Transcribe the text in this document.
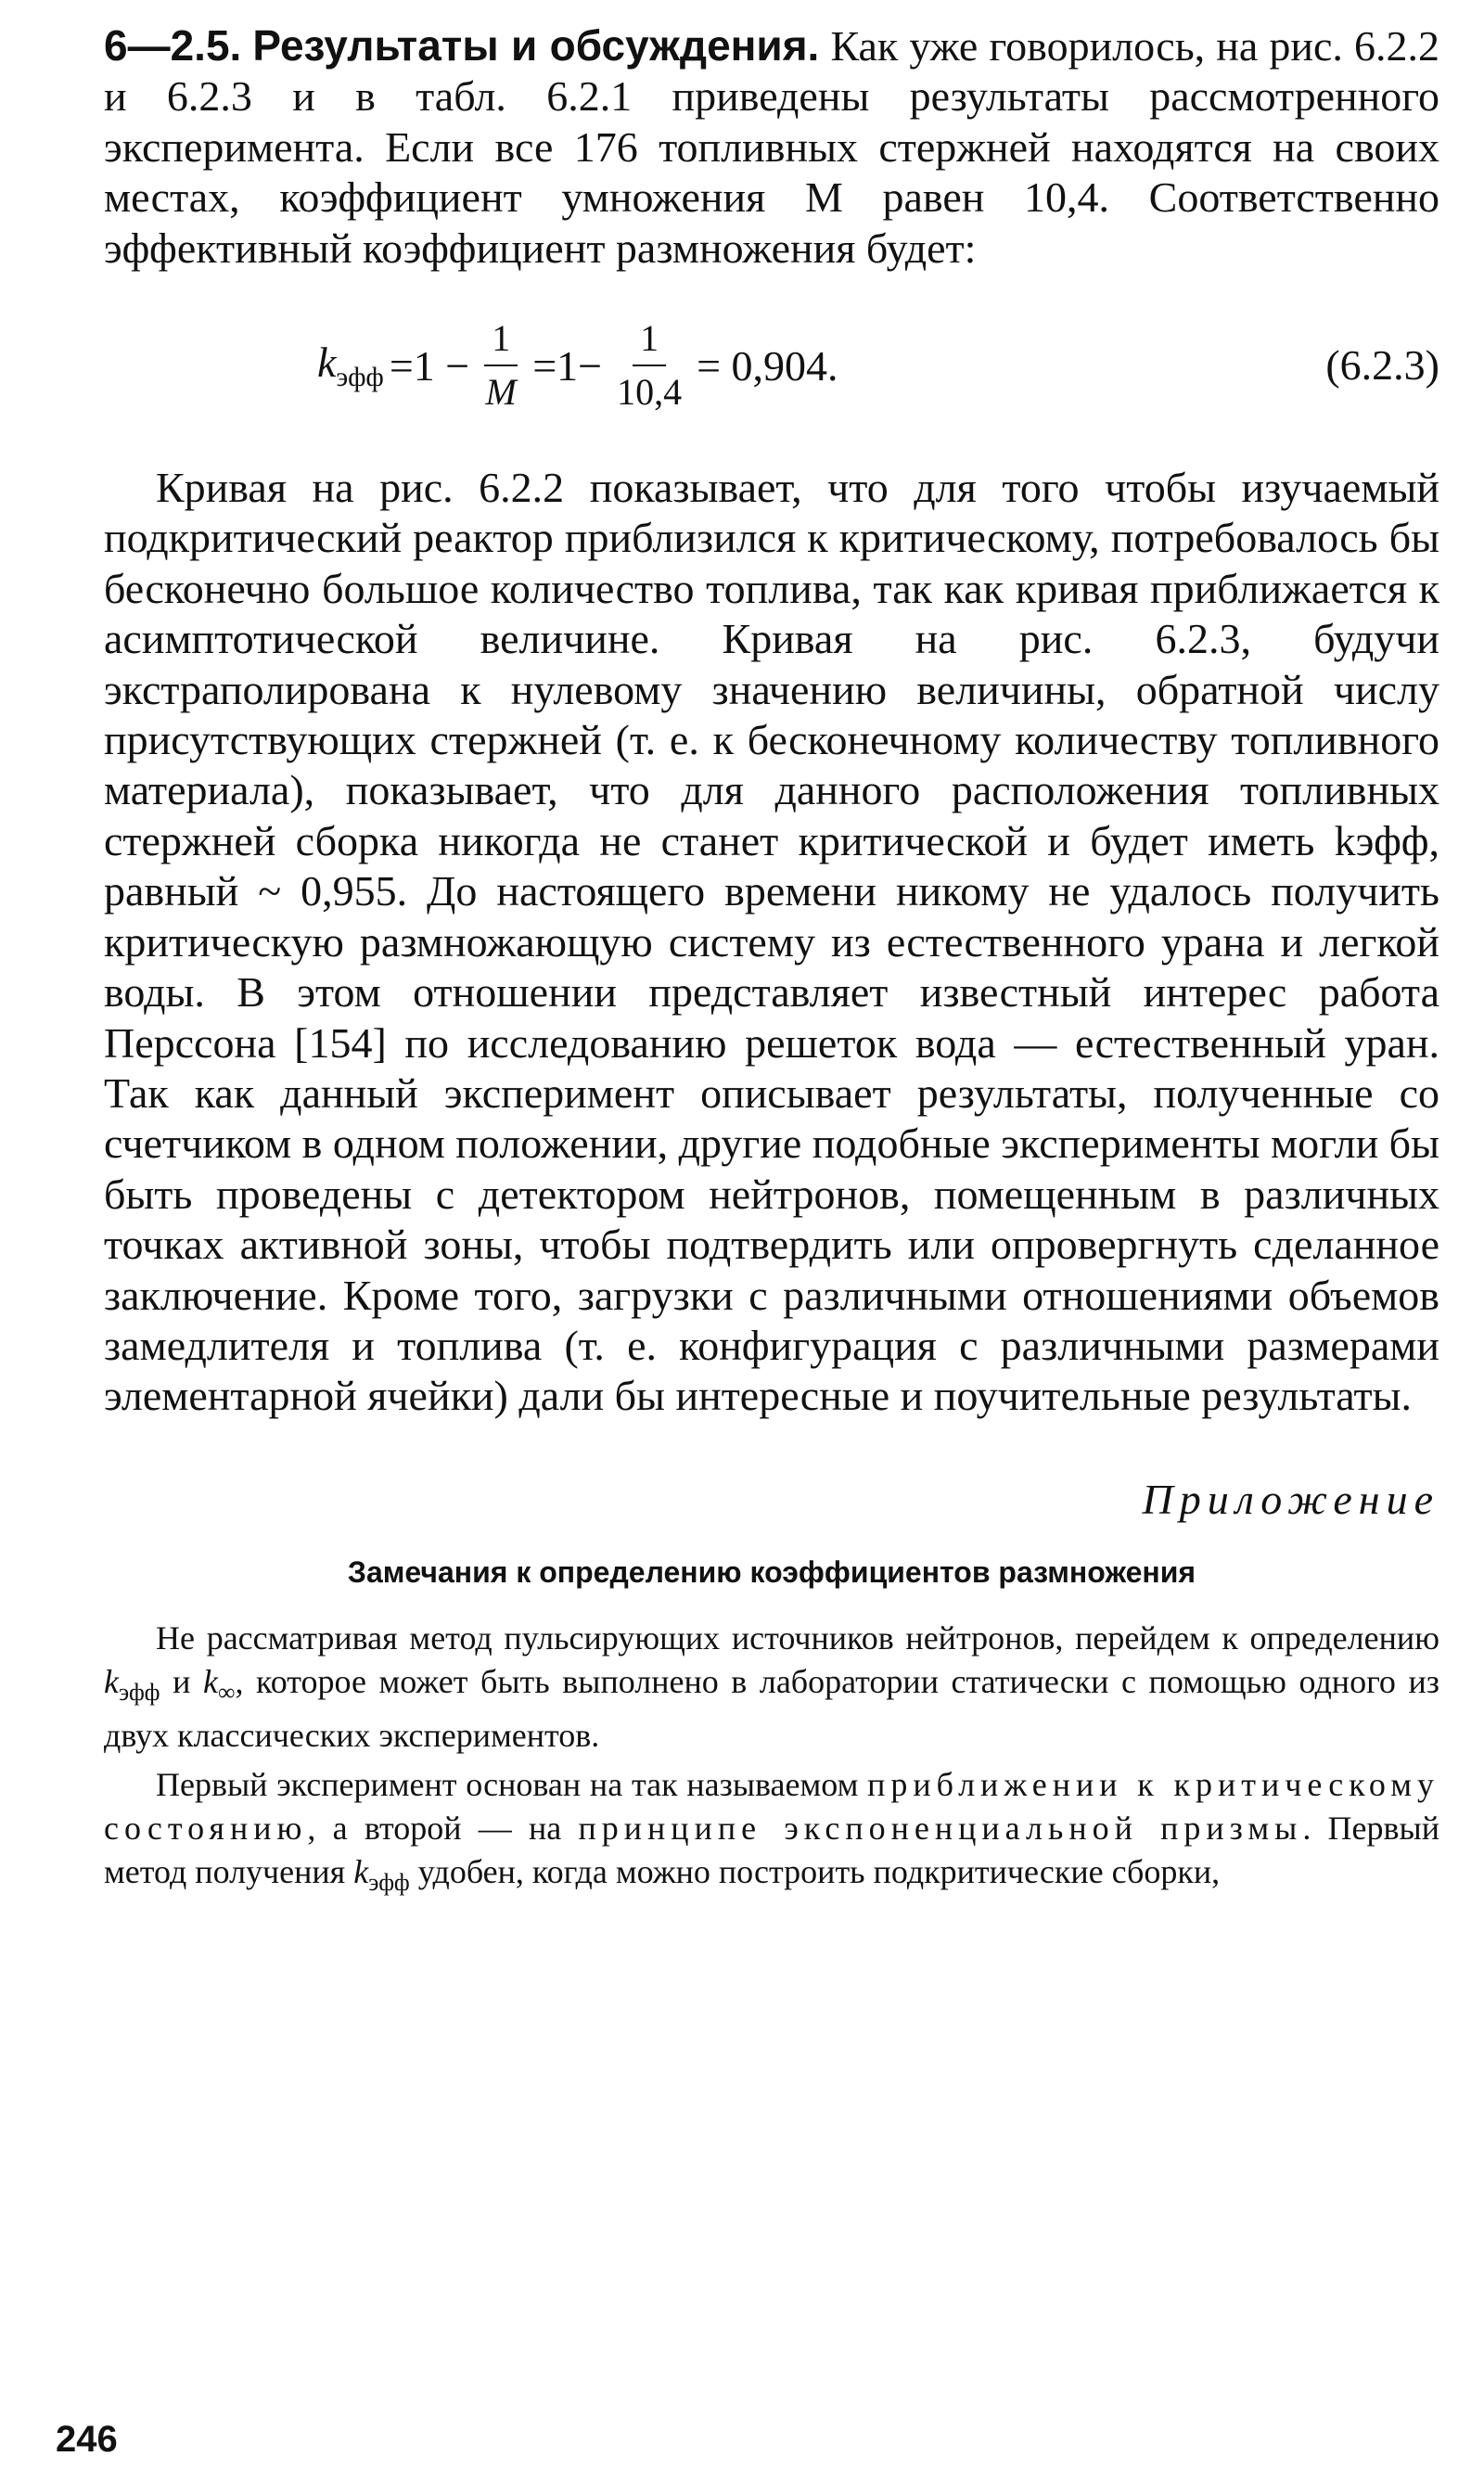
6—2.5. Результаты и обсуждения. Как уже говорилось, на рис. 6.2.2 и 6.2.3 и в табл. 6.2.1 приведены результаты рассмотренного эксперимента. Если все 176 топливных стержней находятся на своих местах, коэффициент умножения М равен 10,4. Соответственно эффективный коэффициент размножения будет:

$k_{эфф} =1 - \frac{1}{M} =1- \frac{1}{10,4} = 0,904$.	(6.2.3)

Кривая на рис. 6.2.2 показывает, что для того чтобы изучаемый подкритический реактор приблизился к критическому, потребовалось бы бесконечно большое количество топлива, так как кривая приближается к асимптотической величине. Кривая на рис. 6.2.3, будучи экстраполирована к нулевому значению величины, обратной числу присутствующих стержней (т. е. к бесконечному количеству топливного материала), показывает, что для данного расположения топливных стержней сборка никогда не станет критической и будет иметь kэфф, равный ~ 0,955. До настоящего времени никому не удалось получить критическую размножающую систему из естественного урана и легкой воды. В этом отношении представляет известный интерес работа Перссона [154] по исследованию решеток вода — естественный уран. Так как данный эксперимент описывает результаты, полученные со счетчиком в одном положении, другие подобные эксперименты могли бы быть проведены с детектором нейтронов, помещенным в различных точках активной зоны, чтобы подтвердить или опровергнуть сделанное заключение. Кроме того, загрузки с различными отношениями объемов замедлителя и топлива (т. е. конфигурация с различными размерами элементарной ячейки) дали бы интересные и поучительные результаты.

Приложение
Замечания к определению коэффициентов размножения

Не рассматривая метод пульсирующих источников нейтронов, перейдем к определению $k_{эфф}$ и $k_\infty$, которое может быть выполнено в лаборатории статически с помощью одного из двух классических экспериментов.

Первый эксперимент основан на так называемом приближении к критическому состоянию, а второй — на принципе экспоненциальной призмы. Первый метод получения $k_{эфф}$ удобен, когда можно построить подкритические сборки,

246
